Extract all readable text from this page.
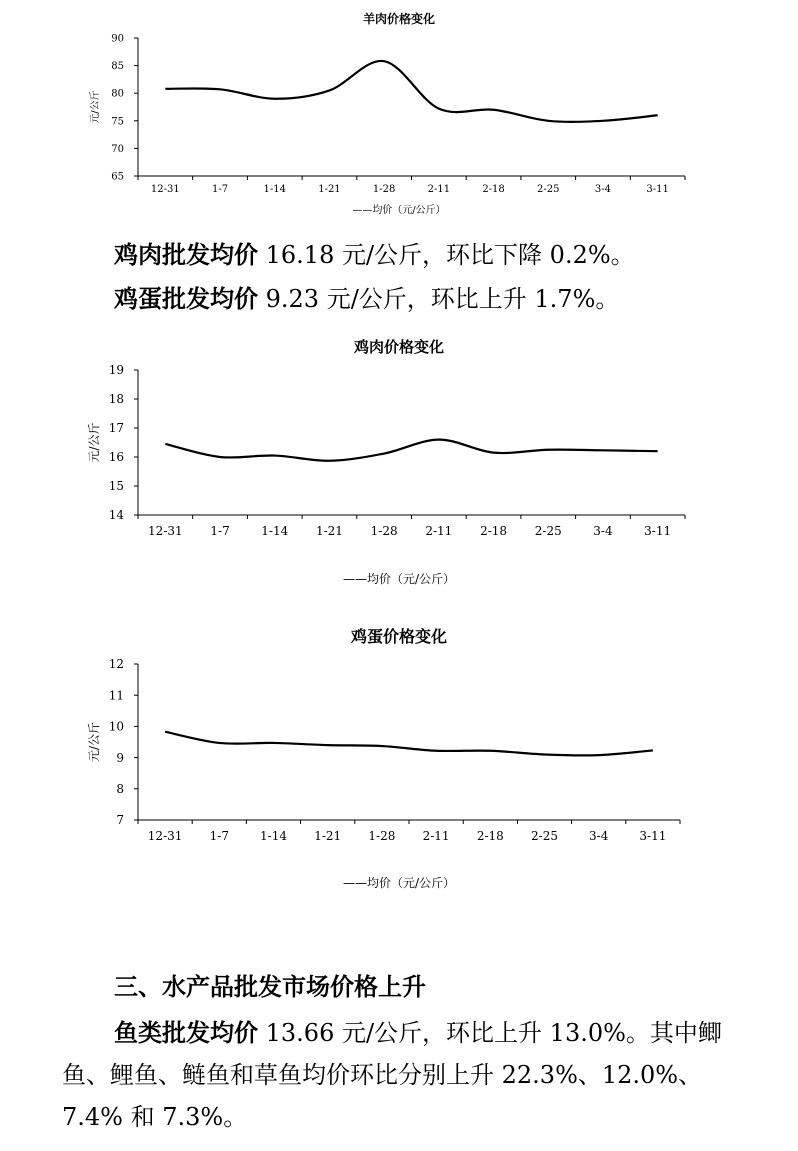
羊肉价格变化
65
70
75
80
85
90
12-31	1-7	1-14	1-21	1-28	2-11	2-18	2-25	3-4	3-11
元/公斤
——均价（元/公斤）
鸡肉批发均价 16.18 元/公斤，环比下降 0.2%。
鸡蛋批发均价 9.23 元/公斤，环比上升 1.7%。
鸡肉价格变化
14
15
16
17
18
19
12-31 1-7	1-14 1-21 1-28 2-11 2-18 2-25	3-4	3-11
元/公斤
——均价（元/公斤）
鸡蛋价格变化
7
8
9
10
11
12
12-31 1-7	1-14 1-21 1-28 2-11 2-18 2-25	3-4	3-11
元/公斤
——均价（元/公斤）
三、水产品批发市场价格上升
鱼类批发均价 13.66 元/公斤，环比上升 13.0%。其中鲫鱼、鲤鱼、鲢鱼和草鱼均价环比分别上升 22.3%、12.0%、7.4% 和 7.3%。
